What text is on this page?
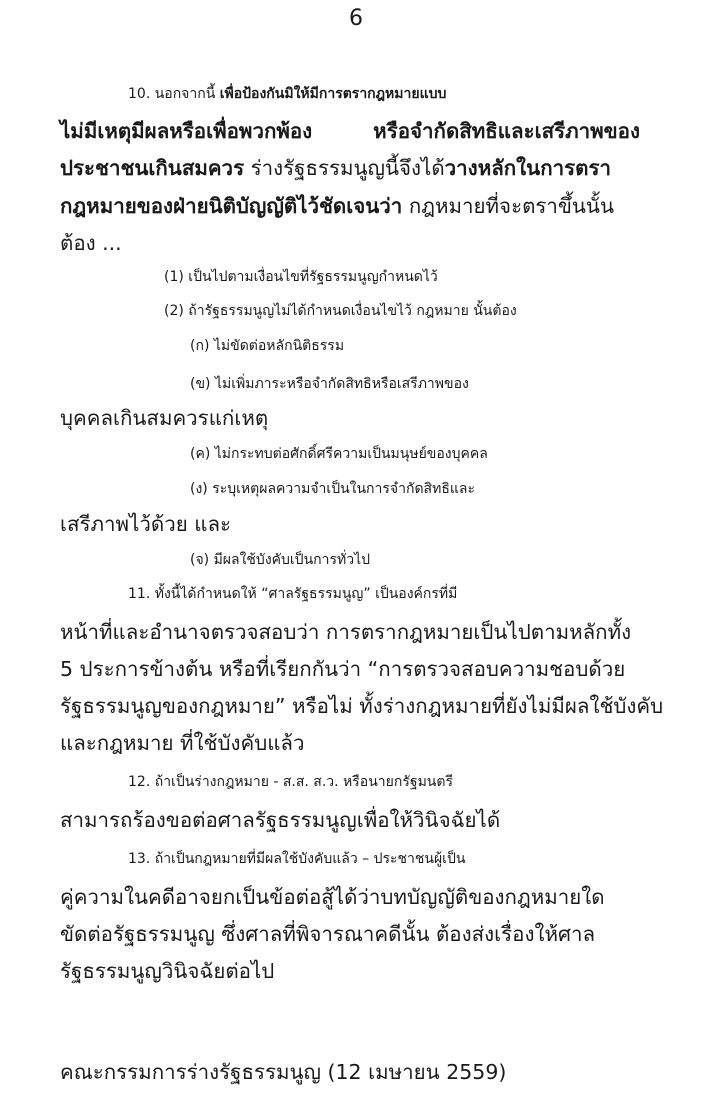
6
10. นอกจากนี้ เพื่อป้องกันมิให้มีการตรากฎหมายแบบ
ไม่มีเหตุมีผลหรือเพื่อพวกพ้อง หรือจำกัดสิทธิและเสรีภาพของ
ประชาชนเกินสมควร ร่างรัฐธรรมนูญนี้จึงได้วางหลักในการตรา
กฎหมายของฝ่ายนิติบัญญัติไว้ชัดเจนว่า กฎหมายที่จะตราขึ้นนั้น
ต้อง ...
(1) เป็นไปตามเงื่อนไขที่รัฐธรรมนูญกำหนดไว้
(2) ถ้ารัฐธรรมนูญไม่ได้กำหนดเงื่อนไขไว้ กฎหมาย นั้นต้อง
(ก) ไม่ขัดต่อหลักนิติธรรม
(ข) ไม่เพิ่มภาระหรือจำกัดสิทธิหรือเสรีภาพของ
บุคคลเกินสมควรแก่เหตุ
(ค) ไม่กระทบต่อศักดิ์ศรีความเป็นมนุษย์ของบุคคล
(ง) ระบุเหตุผลความจำเป็นในการจำกัดสิทธิและ
เสรีภาพไว้ด้วย และ
(จ) มีผลใช้บังคับเป็นการทั่วไป
11. ทั้งนี้ได้กำหนดให้ “ศาลรัฐธรรมนูญ” เป็นองค์กรที่มี
หน้าที่และอำนาจตรวจสอบว่า การตรากฎหมายเป็นไปตามหลักทั้ง
5 ประการข้างต้น หรือที่เรียกกันว่า “การตรวจสอบความชอบด้วย
รัฐธรรมนูญของกฎหมาย” หรือไม่ ทั้งร่างกฎหมายที่ยังไม่มีผลใช้บังคับ
และกฎหมาย ที่ใช้บังคับแล้ว
12. ถ้าเป็นร่างกฎหมาย - ส.ส. ส.ว. หรือนายกรัฐมนตรี
สามารถร้องขอต่อศาลรัฐธรรมนูญเพื่อให้วินิจฉัยได้
13. ถ้าเป็นกฎหมายที่มีผลใช้บังคับแล้ว – ประชาชนผู้เป็น
คู่ความในคดีอาจยกเป็นข้อต่อสู้ได้ว่าบทบัญญัติของกฎหมายใด
ขัดต่อรัฐธรรมนูญ ซึ่งศาลที่พิจารณาคดีนั้น ต้องส่งเรื่องให้ศาล
รัฐธรรมนูญวินิจฉัยต่อไป
คณะกรรมการร่างรัฐธรรมนูญ (12 เมษายน 2559)
